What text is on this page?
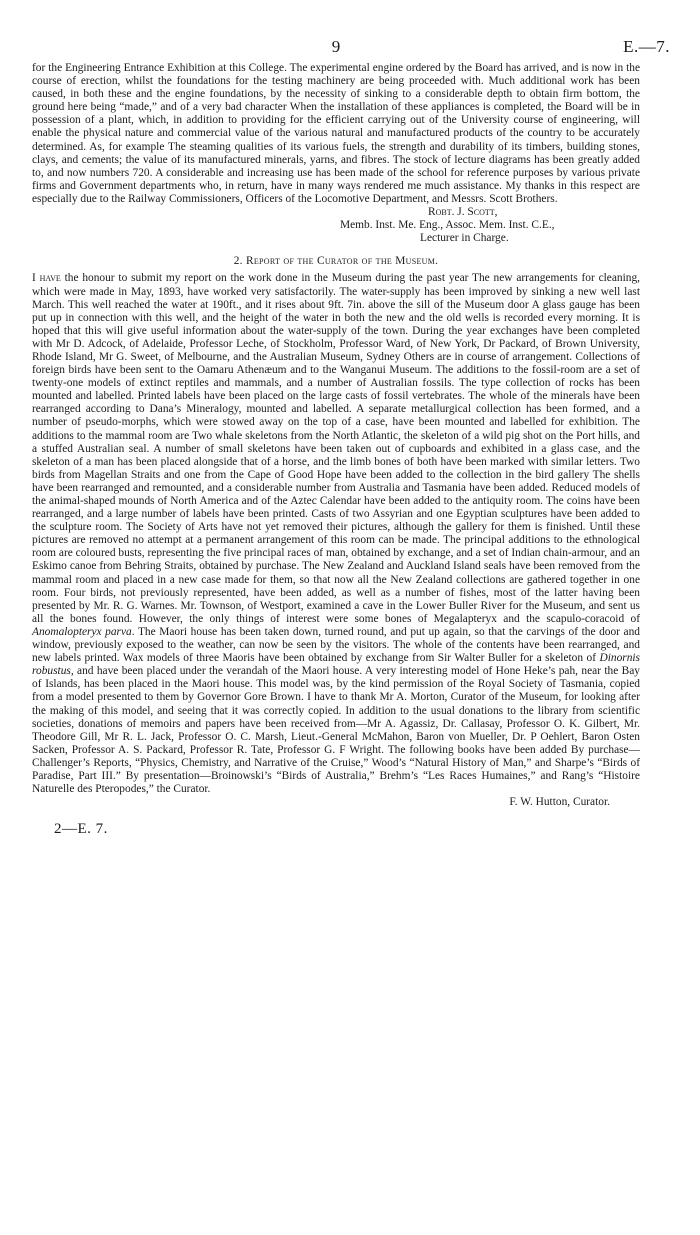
9	E.—7.

for the Engineering Entrance Exhibition at this College. The experimental engine ordered by the Board has arrived, and is now in the course of erection, whilst the foundations for the testing machinery are being proceeded with. Much additional work has been caused, in both these and the engine foundations, by the necessity of sinking to a considerable depth to obtain firm bottom, the ground here being “made,” and of a very bad character When the installation of these appliances is completed, the Board will be in possession of a plant, which, in addition to providing for the efficient carrying out of the University course of engineering, will enable the physical nature and commercial value of the various natural and manufactured products of the country to be accurately determined. As, for example The steaming qualities of its various fuels, the strength and durability of its timbers, building stones, clays, and cements; the value of its manufactured minerals, yarns, and fibres. The stock of lecture diagrams has been greatly added to, and now numbers 720. A considerable and increasing use has been made of the school for reference purposes by various private firms and Government departments who, in return, have in many ways rendered me much assistance. My thanks in this respect are especially due to the Railway Commissioners, Officers of the Locomotive Department, and Messrs. Scott Brothers.

Robt. J. Scott,
Memb. Inst. Me. Eng., Assoc. Mem. Inst. C.E.,
Lecturer in Charge.
2. Report of the Curator of the Museum.

I have the honour to submit my report on the work done in the Museum during the past year The new arrangements for cleaning, which were made in May, 1893, have worked very satisfactorily. The water-supply has been improved by sinking a new well last March. This well reached the water at 190ft., and it rises about 9ft. 7in. above the sill of the Museum door A glass gauge has been put up in connection with this well, and the height of the water in both the new and the old wells is recorded every morning. It is hoped that this will give useful information about the water-supply of the town. During the year exchanges have been completed with Mr D. Adcock, of Adelaide, Professor Leche, of Stockholm, Professor Ward, of New York, Dr Packard, of Brown University, Rhode Island, Mr G. Sweet, of Melbourne, and the Australian Museum, Sydney Others are in course of arrangement. Collections of foreign birds have been sent to the Oamaru Athenæum and to the Wanganui Museum. The additions to the fossil-room are a set of twenty-one models of extinct reptiles and mammals, and a number of Australian fossils. The type collection of rocks has been mounted and labelled. Printed labels have been placed on the large casts of fossil vertebrates. The whole of the minerals have been rearranged according to Dana’s Mineralogy, mounted and labelled. A separate metallurgical collection has been formed, and a number of pseudo-morphs, which were stowed away on the top of a case, have been mounted and labelled for exhibition. The additions to the mammal room are Two whale skeletons from the North Atlantic, the skeleton of a wild pig shot on the Port hills, and a stuffed Australian seal. A number of small skeletons have been taken out of cupboards and exhibited in a glass case, and the skeleton of a man has been placed alongside that of a horse, and the limb bones of both have been marked with similar letters. Two birds from Magellan Straits and one from the Cape of Good Hope have been added to the collection in the bird gallery The shells have been rearranged and remounted, and a considerable number from Australia and Tasmania have been added. Reduced models of the animal-shaped mounds of North America and of the Aztec Calendar have been added to the antiquity room. The coins have been rearranged, and a large number of labels have been printed. Casts of two Assyrian and one Egyptian sculptures have been added to the sculpture room. The Society of Arts have not yet removed their pictures, although the gallery for them is finished. Until these pictures are removed no attempt at a permanent arrangement of this room can be made. The principal additions to the ethnological room are coloured busts, representing the five principal races of man, obtained by exchange, and a set of Indian chain-armour, and an Eskimo canoe from Behring Straits, obtained by purchase. The New Zealand and Auckland Island seals have been removed from the mammal room and placed in a new case made for them, so that now all the New Zealand collections are gathered together in one room. Four birds, not previously represented, have been added, as well as a number of fishes, most of the latter having been presented by Mr. R. G. Warnes. Mr. Townson, of Westport, examined a cave in the Lower Buller River for the Museum, and sent us all the bones found. However, the only things of interest were some bones of Megalapteryx and the scapulo-coracoid of Anomalopteryx parva. The Maori house has been taken down, turned round, and put up again, so that the carvings of the door and window, previously exposed to the weather, can now be seen by the visitors. The whole of the contents have been rearranged, and new labels printed. Wax models of three Maoris have been obtained by exchange from Sir Walter Buller for a skeleton of Dinornis robustus, and have been placed under the verandah of the Maori house. A very interesting model of Hone Heke’s pah, near the Bay of Islands, has been placed in the Maori house. This model was, by the kind permission of the Royal Society of Tasmania, copied from a model presented to them by Governor Gore Brown. I have to thank Mr A. Morton, Curator of the Museum, for looking after the making of this model, and seeing that it was correctly copied. In addition to the usual donations to the library from scientific societies, donations of memoirs and papers have been received from—Mr A. Agassiz, Dr. Callasay, Professor O. K. Gilbert, Mr. Theodore Gill, Mr R. L. Jack, Professor O. C. Marsh, Lieut.-General McMahon, Baron von Mueller, Dr. P Oehlert, Baron Osten Sacken, Professor A. S. Packard, Professor R. Tate, Professor G. F Wright. The following books have been added By purchase—Challenger’s Reports, “Physics, Chemistry, and Narrative of the Cruise,” Wood’s “Natural History of Man,” and Sharpe’s “Birds of Paradise, Part III.” By presentation—Broinowski’s “Birds of Australia,” Brehm’s “Les Races Humaines,” and Rang’s “Histoire Naturelle des Pteropodes,” the Curator.

F. W. Hutton, Curator.
2—E. 7.
